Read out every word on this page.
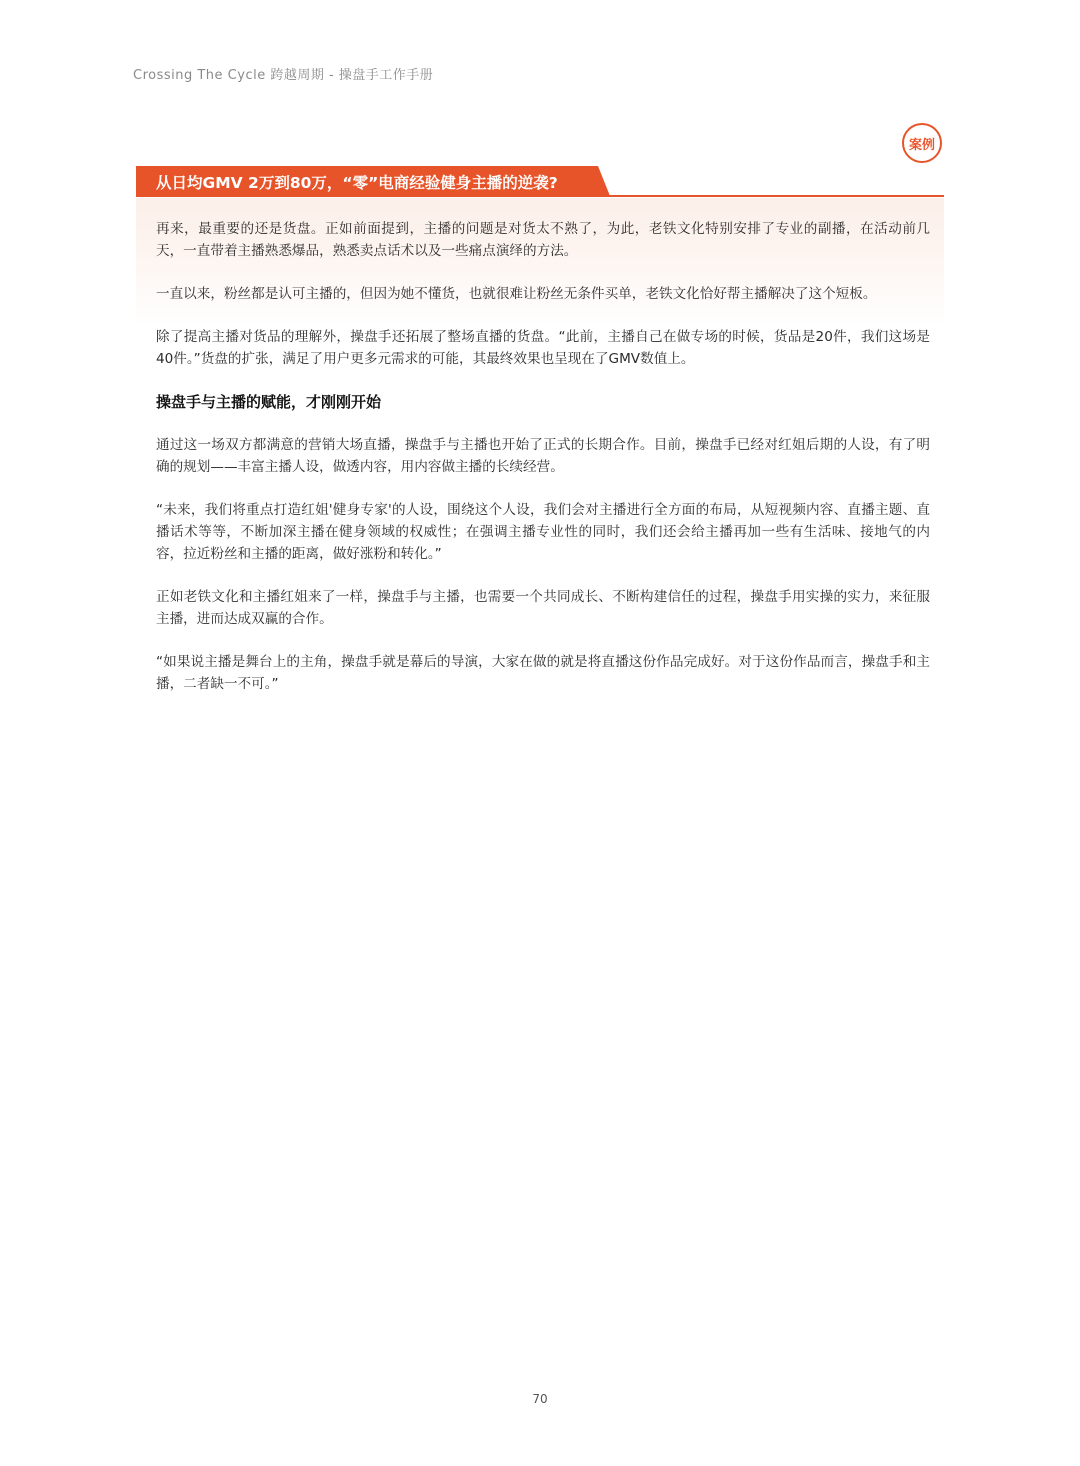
Crossing The Cycle 跨越周期 - 操盘手工作手册
案例
从日均GMV 2万到80万，“零”电商经验健身主播的逆袭?

再来，最重要的还是货盘。正如前面提到，主播的问题是对货太不熟了，为此，老铁文化特别安排了专业的副播，在活动前几天，一直带着主播熟悉爆品，熟悉卖点话术以及一些痛点演绎的方法。

一直以来，粉丝都是认可主播的，但因为她不懂货，也就很难让粉丝无条件买单，老铁文化恰好帮主播解决了这个短板。

除了提高主播对货品的理解外，操盘手还拓展了整场直播的货盘。“此前，主播自己在做专场的时候，货品是20件，我们这场是40件。”货盘的扩张，满足了用户更多元需求的可能，其最终效果也呈现在了GMV数值上。

操盘手与主播的赋能，才刚刚开始

通过这一场双方都满意的营销大场直播，操盘手与主播也开始了正式的长期合作。目前，操盘手已经对红姐后期的人设，有了明确的规划——丰富主播人设，做透内容，用内容做主播的长续经营。

“未来，我们将重点打造红姐'健身专家'的人设，围绕这个人设，我们会对主播进行全方面的布局，从短视频内容、直播主题、直播话术等等，不断加深主播在健身领域的权威性；在强调主播专业性的同时，我们还会给主播再加一些有生活味、接地气的内容，拉近粉丝和主播的距离，做好涨粉和转化。”

正如老铁文化和主播红姐来了一样，操盘手与主播，也需要一个共同成长、不断构建信任的过程，操盘手用实操的实力，来征服主播，进而达成双赢的合作。

“如果说主播是舞台上的主角，操盘手就是幕后的导演，大家在做的就是将直播这份作品完成好。对于这份作品而言，操盘手和主播，二者缺一不可。”

70
